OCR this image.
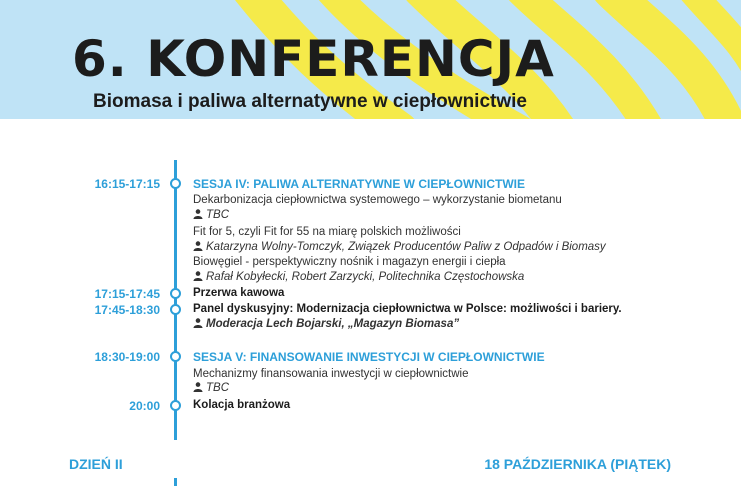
6. KONFERENCJA
Biomasa i paliwa alternatywne w ciepłownictwie
16:15-17:15	SESJA IV: PALIWA ALTERNATYWNE W CIEPŁOWNICTWIE
Dekarbonizacja ciepłownictwa systemowego – wykorzystanie biometanu
TBC
Fit for 5, czyli Fit for 55 na miarę polskich możliwości
Katarzyna Wolny-Tomczyk, Związek Producentów Paliw z Odpadów i Biomasy
Biowęgiel - perspektywiczny nośnik i magazyn energii i ciepła
Rafał Kobyłecki, Robert Zarzycki, Politechnika Częstochowska
17:15-17:45	Przerwa kawowa
17:45-18:30	Panel dyskusyjny: Modernizacja ciepłownictwa w Polsce: możliwości i bariery.
Moderacja Lech Bojarski, „Magazyn Biomasa”
18:30-19:00	SESJA V: FINANSOWANIE INWESTYCJI W CIEPŁOWNICTWIE
Mechanizmy finansowania inwestycji w ciepłownictwie
TBC
20:00	Kolacja branżowa
DZIEŃ II	18 PAŹDZIERNIKA (PIĄTEK)
